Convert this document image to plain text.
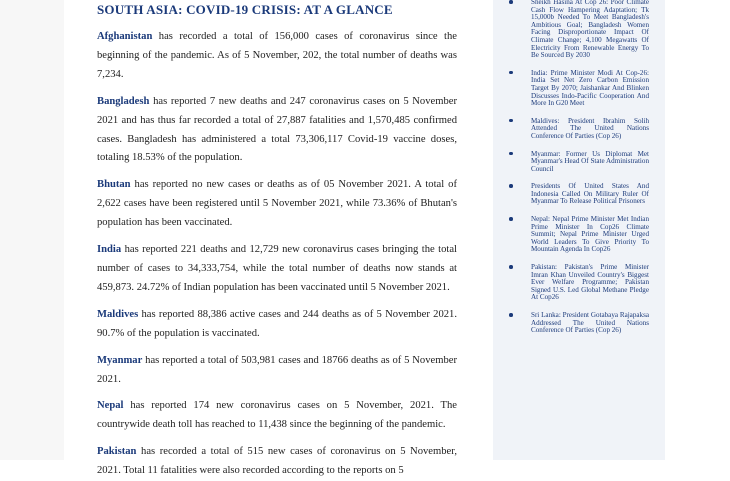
SOUTH ASIA: COVID-19 CRISIS: AT A GLANCE

Afghanistan has recorded a total of 156,000 cases of coronavirus since the beginning of the pandemic. As of 5 November, 202, the total number of deaths was 7,234.

Bangladesh has reported 7 new deaths and 247 coronavirus cases on 5 November 2021 and has thus far recorded a total of 27,887 fatalities and 1,570,485 confirmed cases. Bangladesh has administered a total 73,306,117 Covid-19 vaccine doses, totaling 18.53% of the population.

Bhutan has reported no new cases or deaths as of 05 November 2021. A total of 2,622 cases have been registered until 5 November 2021, while 73.36% of Bhutan's population has been vaccinated.

India has reported 221 deaths and 12,729 new coronavirus cases bringing the total number of cases to 34,333,754, while the total number of deaths now stands at 459,873. 24.72% of Indian population has been vaccinated until 5 November 2021.

Maldives has reported 88,386 active cases and 244 deaths as of 5 November 2021. 90.7% of the population is vaccinated.

Myanmar has reported a total of 503,981 cases and 18766 deaths as of 5 November 2021.

Nepal has reported 174 new coronavirus cases on 5 November, 2021. The countrywide death toll has reached to 11,438 since the beginning of the pandemic.

Pakistan has recorded a total of 515 new cases of coronavirus on 5 November, 2021. Total 11 fatalities were also recorded according to the reports on 5

Sheikh Hasina At Cop 26: Poor Climate Cash Flow Hampering Adaptation; Tk 15,000b Needed To Meet Bangladesh's Ambitious Goal; Bangladesh Women Facing Disproportionate Impact Of Climate Change; 4,100 Megawatts Of Electricity From Renewable Energy To Be Sourced By 2030
India: Prime Minister Modi At Cop-26: India Set Net Zero Carbon Emission Target By 2070; Jaishankar And Blinken Discusses Indo-Pacific Cooperation And More In G20 Meet
Maldives: President Ibrahim Solih Attended The United Nations Conference Of Parties (Cop 26)
Myanmar: Former Us Diplomat Met Myanmar's Head Of State Administration Council
Presidents Of United States And Indonesia Called On Military Ruler Of Myanmar To Release Political Prisoners
Nepal: Nepal Prime Minister Met Indian Prime Minister In Cop26 Climate Summit; Nepal Prime Minister Urged World Leaders To Give Priority To Mountain Agenda In Cop26
Pakistan: Pakistan's Prime Minister Imran Khan Unveiled Country's Biggest Ever Welfare Programme; Pakistan Signed U.S. Led Global Methane Pledge At Cop26
Sri Lanka: President Gotabaya Rajapaksa Addressed The United Nations Conference Of Parties (Cop 26)
